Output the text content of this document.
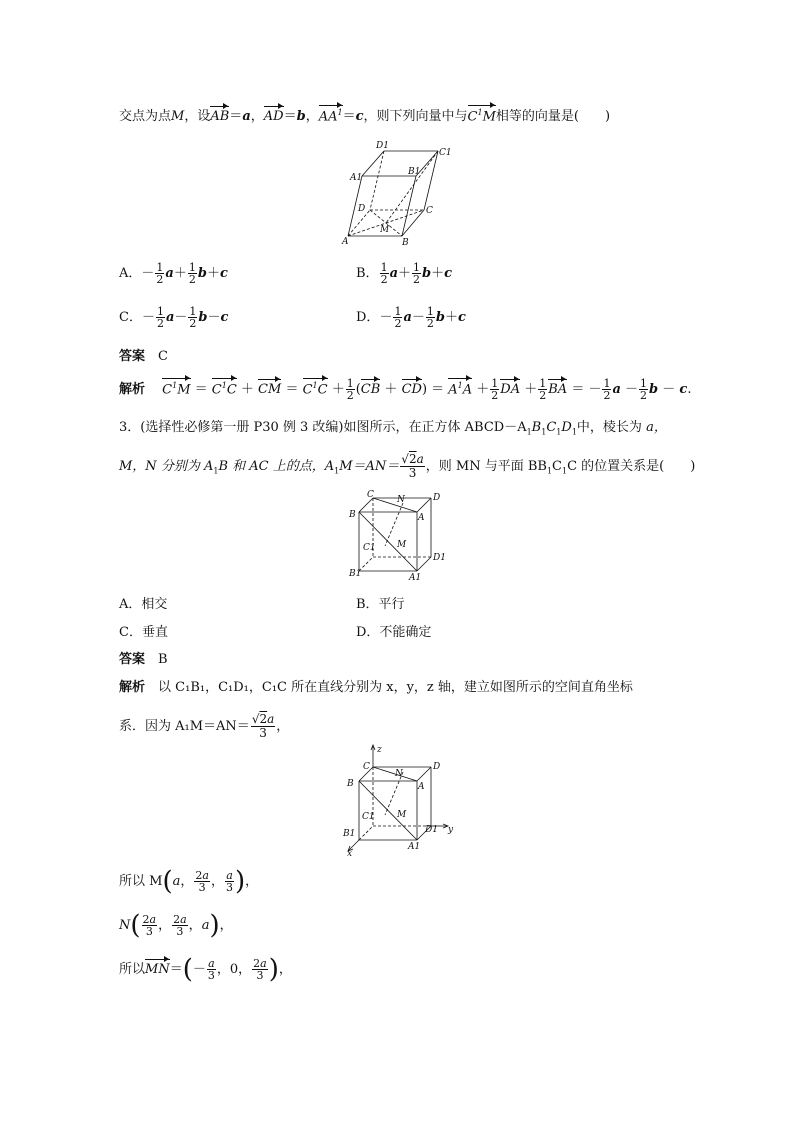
交点为点M，设AB＝a，AD＝b，$AA^1=c$，则下列向量中与$C^1M$相等的向量是(　　)
D1
C1
A1
B1
D	C
M
A	B
A．－ $\frac{1}{2} a+ \frac{1}{2} b+c$	B． $\frac{1}{2} a+ \frac{1}{2} b+c$
C．－ $\frac{1}{2} a- \frac{1}{2} b-c$	D．－ $\frac{1}{2} a- \frac{1}{2} b+c$
答案　 C
解析　 $C^1M = C^1C$ ＋ CM ＝ $C^1C + \frac{1}{2} (CB + CD) = A^1A + \frac{1}{2}$ DA ＋ $\frac{1}{2}$ BA ＝ － $\frac{1}{2}$ $a - \frac{1}{2}$ b － c.
3．(选择性必修第一册 P30 例 3 改编)如图所示，在正方体 $ABCD-A_1B_1C_1D_1$中，棱长为 a，
M，N 分别为 $A_1B$ 和 AC 上的点，$A_1M=AN= \frac{√2a}{3}$ ，则 MN 与平面 $BB_1C_1C$ 的位置关系是(　　)
C	N	D
B	A
C1 M
B1	A1
D1
A．相交	B．平行
C．垂直	D．不能确定
答案　 B
解析　 以 C₁B₁，C₁D₁，C₁C 所在直线分别为 x，y，z 轴，建立如图所示的空间直角坐标
系．因为 $A_1M=AN= \frac{√2a}{3}$ ，
z
C
N
D
B	A
C1 M
B1	D1 y
A1
x
所以 M(a， $\frac{2a}{3}$ ， $\frac{a}{3}$ )，
$N( \frac{2a}{3}$ ， $\frac{2a}{3}$ ，a)，
所以$MN=(- \frac{a}{3}$ ，0， $\frac{2a}{3}$ )，
